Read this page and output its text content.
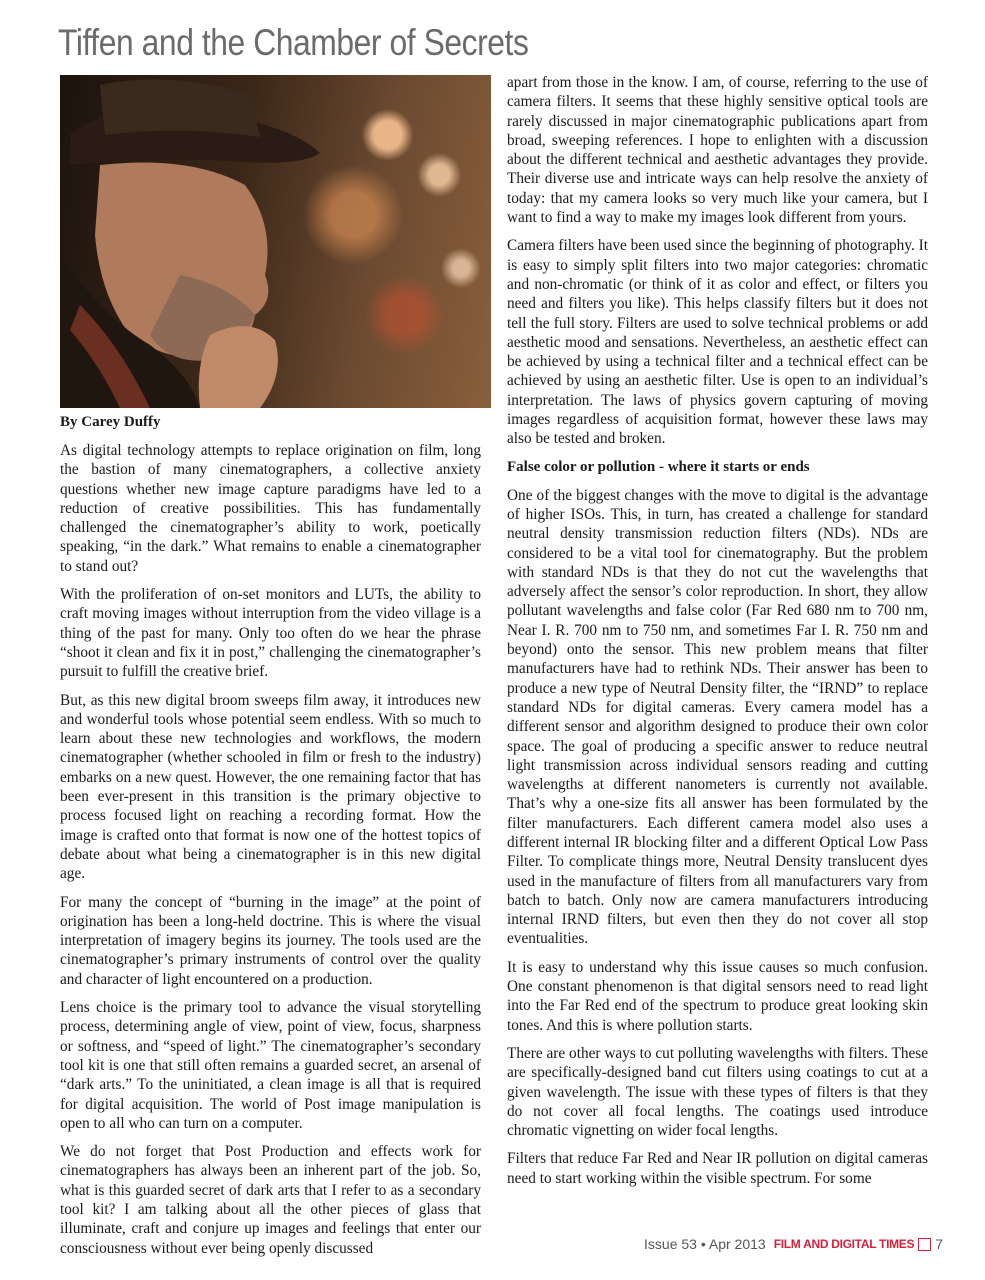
Tiffen and the Chamber of Secrets

By Carey Duffy

As digital technology attempts to replace origination on film, long the bastion of many cinematographers, a collective anxiety questions whether new image capture paradigms have led to a reduction of creative possibilities. This has fundamentally challenged the cinematographer’s ability to work, poetically speaking, “in the dark.” What remains to enable a cinematographer to stand out?

With the proliferation of on-set monitors and LUTs, the ability to craft moving images without interruption from the video village is a thing of the past for many. Only too often do we hear the phrase “shoot it clean and fix it in post,” challenging the cinematographer’s pursuit to fulfill the creative brief.

But, as this new digital broom sweeps film away, it introduces new and wonderful tools whose potential seem endless. With so much to learn about these new technologies and workflows, the modern cinematographer (whether schooled in film or fresh to the industry) embarks on a new quest. However, the one remaining factor that has been ever-present in this transition is the primary objective to process focused light on reaching a recording format. How the image is crafted onto that format is now one of the hottest topics of debate about what being a cinematographer is in this new digital age.

For many the concept of “burning in the image” at the point of origination has been a long-held doctrine. This is where the visual interpretation of imagery begins its journey. The tools used are the cinematographer’s primary instruments of control over the quality and character of light encountered on a production.

Lens choice is the primary tool to advance the visual storytelling process, determining angle of view, point of view, focus, sharpness or softness, and “speed of light.” The cinematographer’s secondary tool kit is one that still often remains a guarded secret, an arsenal of “dark arts.” To the uninitiated, a clean image is all that is required for digital acquisition. The world of Post image manipulation is open to all who can turn on a computer.

We do not forget that Post Production and effects work for cinematographers has always been an inherent part of the job. So, what is this guarded secret of dark arts that I refer to as a secondary tool kit? I am talking about all the other pieces of glass that illuminate, craft and conjure up images and feelings that enter our consciousness without ever being openly discussed

apart from those in the know. I am, of course, referring to the use of camera filters. It seems that these highly sensitive optical tools are rarely discussed in major cinematographic publications apart from broad, sweeping references. I hope to enlighten with a discussion about the different technical and aesthetic advantages they provide. Their diverse use and intricate ways can help resolve the anxiety of today: that my camera looks so very much like your camera, but I want to find a way to make my images look different from yours.

Camera filters have been used since the beginning of photography. It is easy to simply split filters into two major categories: chromatic and non-chromatic (or think of it as color and effect, or filters you need and filters you like). This helps classify filters but it does not tell the full story. Filters are used to solve technical problems or add aesthetic mood and sensations. Nevertheless, an aesthetic effect can be achieved by using a technical filter and a technical effect can be achieved by using an aesthetic filter. Use is open to an individual’s interpretation. The laws of physics govern capturing of moving images regardless of acquisition format, however these laws may also be tested and broken.

False color or pollution - where it starts or ends

One of the biggest changes with the move to digital is the advantage of higher ISOs. This, in turn, has created a challenge for standard neutral density transmission reduction filters (NDs). NDs are considered to be a vital tool for cinematography. But the problem with standard NDs is that they do not cut the wavelengths that adversely affect the sensor’s color reproduction. In short, they allow pollutant wavelengths and false color (Far Red 680 nm to 700 nm, Near I. R. 700 nm to 750 nm, and sometimes Far I. R. 750 nm and beyond) onto the sensor. This new problem means that filter manufacturers have had to rethink NDs. Their answer has been to produce a new type of Neutral Density filter, the “IRND” to replace standard NDs for digital cameras. Every camera model has a different sensor and algorithm designed to produce their own color space. The goal of producing a specific answer to reduce neutral light transmission across individual sensors reading and cutting wavelengths at different nanometers is currently not available. That’s why a one-size fits all answer has been formulated by the filter manufacturers. Each different camera model also uses a different internal IR blocking filter and a different Optical Low Pass Filter. To complicate things more, Neutral Density translucent dyes used in the manufacture of filters from all manufacturers vary from batch to batch. Only now are camera manufacturers introducing internal IRND filters, but even then they do not cover all stop eventualities.

It is easy to understand why this issue causes so much confusion. One constant phenomenon is that digital sensors need to read light into the Far Red end of the spectrum to produce great looking skin tones. And this is where pollution starts.

There are other ways to cut polluting wavelengths with filters. These are specifically-designed band cut filters using coatings to cut at a given wavelength. The issue with these types of filters is that they do not cover all focal lengths. The coatings used introduce chromatic vignetting on wider focal lengths.

Filters that reduce Far Red and Near IR pollution on digital cameras need to start working within the visible spectrum. For some

Issue 53 • Apr 2013 FILM AND DIGITAL TIMES 7
